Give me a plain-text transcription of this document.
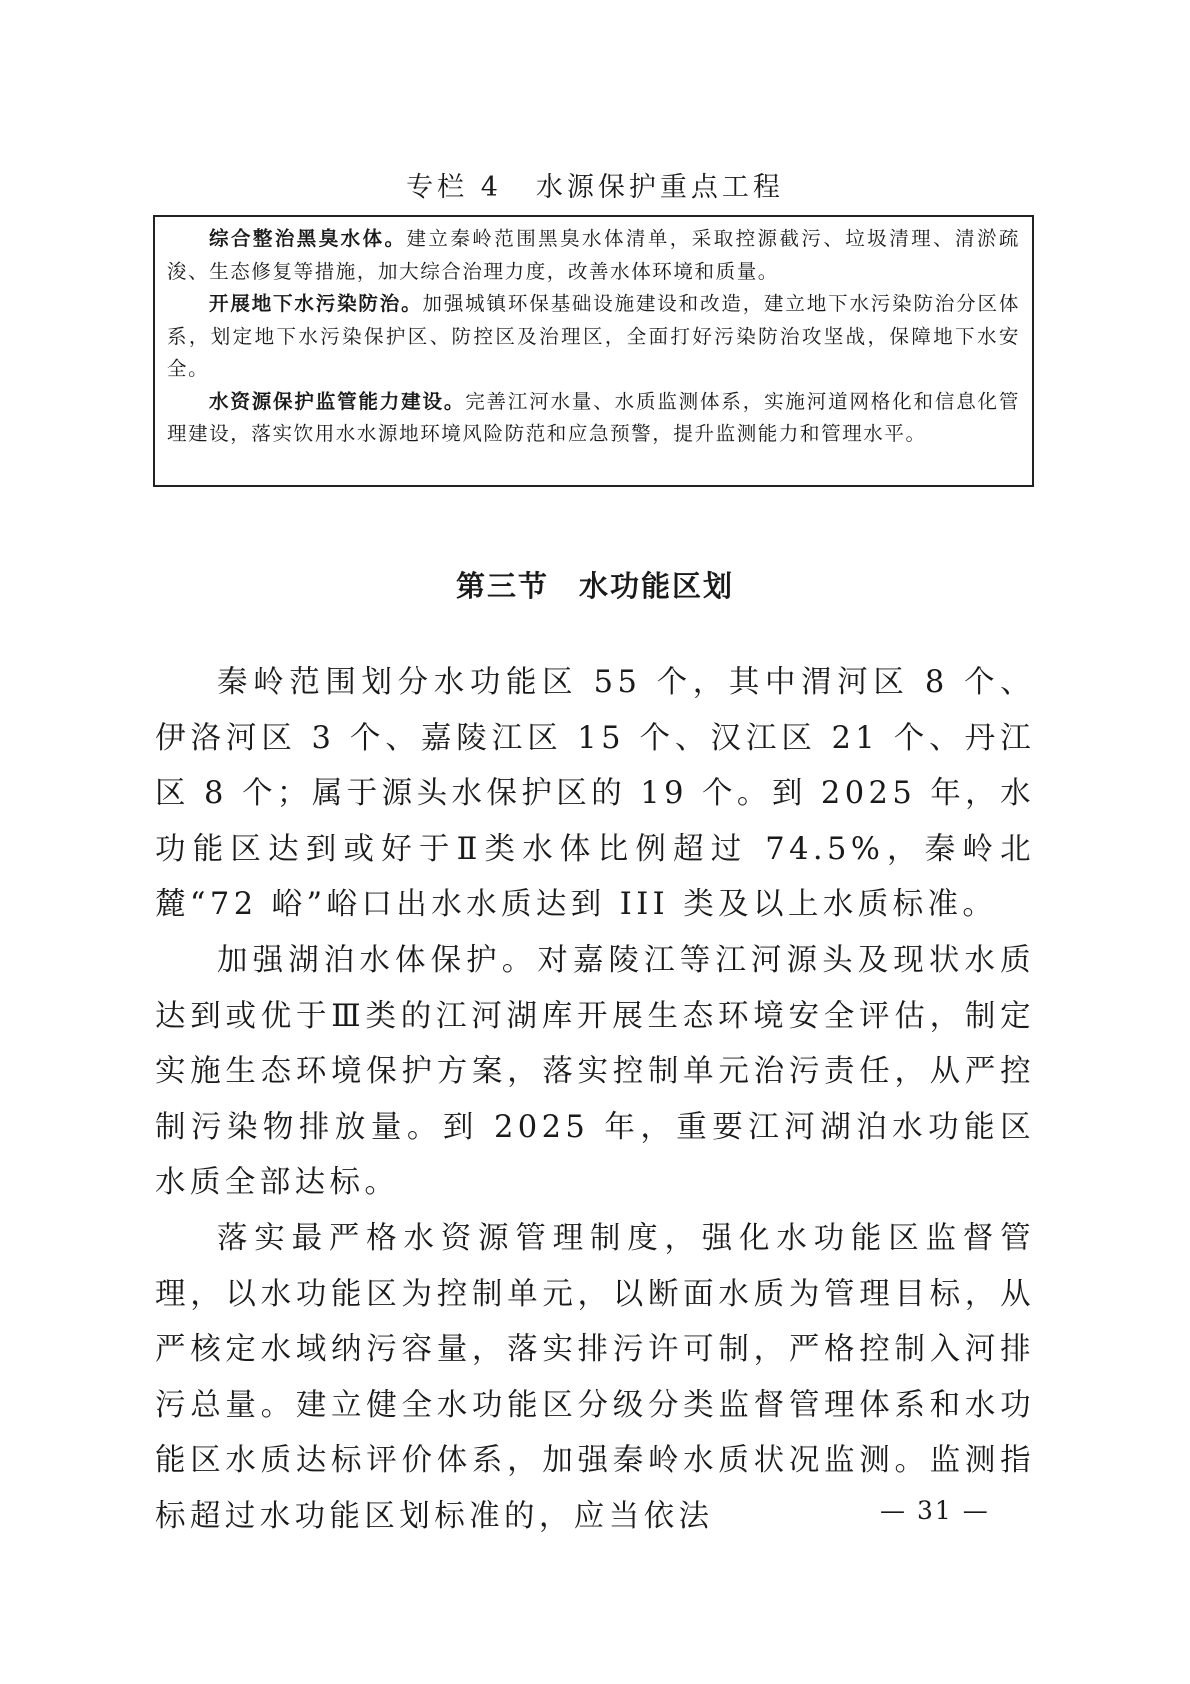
专栏 4 水源保护重点工程

综合整治黑臭水体。建立秦岭范围黑臭水体清单，采取控源截污、垃圾清理、清淤疏浚、生态修复等措施，加大综合治理力度，改善水体环境和质量。

开展地下水污染防治。加强城镇环保基础设施建设和改造，建立地下水污染防治分区体系，划定地下水污染保护区、防控区及治理区，全面打好污染防治攻坚战，保障地下水安全。

水资源保护监管能力建设。完善江河水量、水质监测体系，实施河道网格化和信息化管理建设，落实饮用水水源地环境风险防范和应急预警，提升监测能力和管理水平。

第三节 水功能区划

秦岭范围划分水功能区 55 个，其中渭河区 8 个、伊洛河区 3 个、嘉陵江区 15 个、汉江区 21 个、丹江区 8 个；属于源头水保护区的 19 个。到 2025 年，水功能区达到或好于Ⅱ类水体比例超过 74.5%，秦岭北麓“72 峪”峪口出水水质达到 III 类及以上水质标准。

加强湖泊水体保护。对嘉陵江等江河源头及现状水质达到或优于Ⅲ类的江河湖库开展生态环境安全评估，制定实施生态环境保护方案，落实控制单元治污责任，从严控制污染物排放量。到 2025 年，重要江河湖泊水功能区水质全部达标。

落实最严格水资源管理制度，强化水功能区监督管理，以水功能区为控制单元，以断面水质为管理目标，从严核定水域纳污容量，落实排污许可制，严格控制入河排污总量。建立健全水功能区分级分类监督管理体系和水功能区水质达标评价体系，加强秦岭水质状况监测。监测指标超过水功能区划标准的，应当依法	— 31 —
